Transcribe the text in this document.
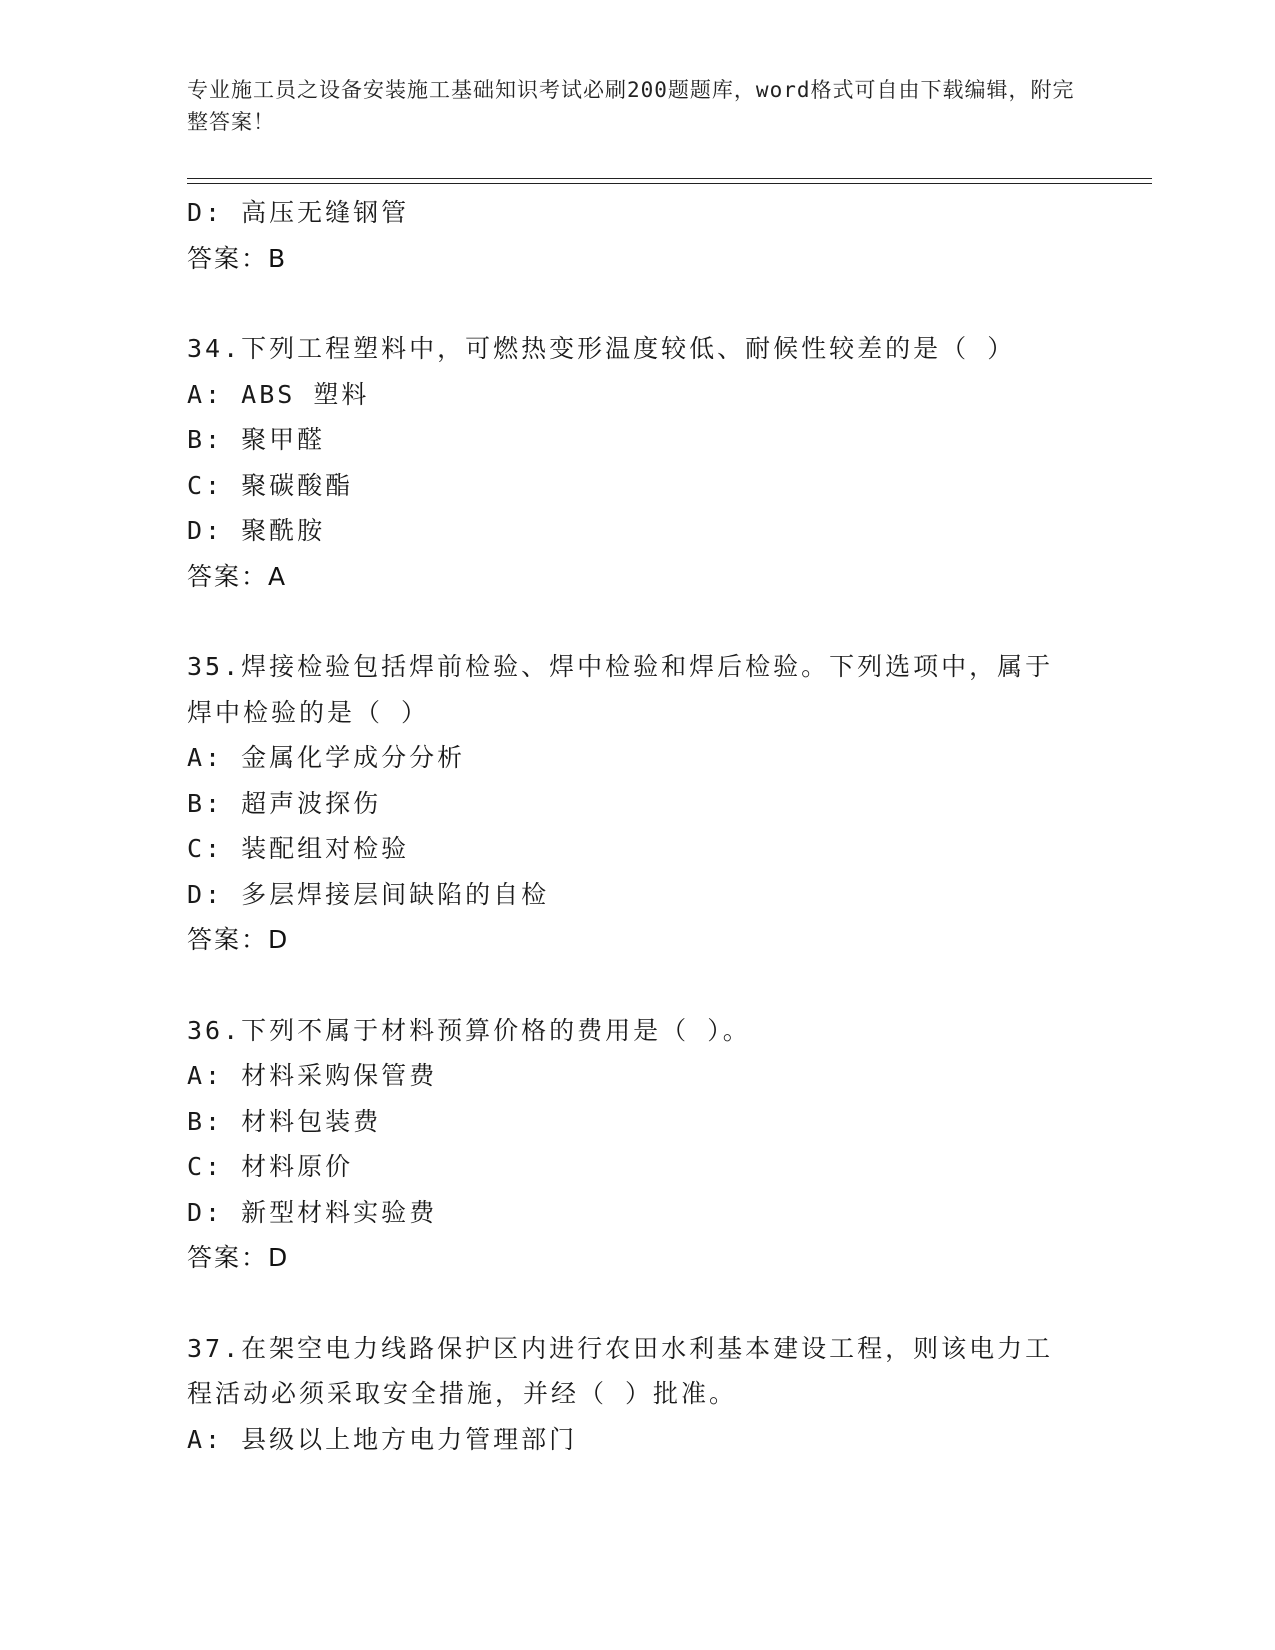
专业施工员之设备安装施工基础知识考试必刷200题题库，word格式可自由下载编辑，附完整答案！
D: 高压无缝钢管
答案：B
34.下列工程塑料中，可燃热变形温度较低、耐候性较差的是（ ）
A: ABS 塑料
B: 聚甲醛
C: 聚碳酸酯
D: 聚酰胺
答案：A
35.焊接检验包括焊前检验、焊中检验和焊后检验。下列选项中，属于焊中检验的是（ ）
A: 金属化学成分分析
B: 超声波探伤
C: 装配组对检验
D: 多层焊接层间缺陷的自检
答案：D
36.下列不属于材料预算价格的费用是（ ）。
A: 材料采购保管费
B: 材料包装费
C: 材料原价
D: 新型材料实验费
答案：D
37.在架空电力线路保护区内进行农田水利基本建设工程，则该电力工程活动必须采取安全措施，并经（ ）批准。
A: 县级以上地方电力管理部门
